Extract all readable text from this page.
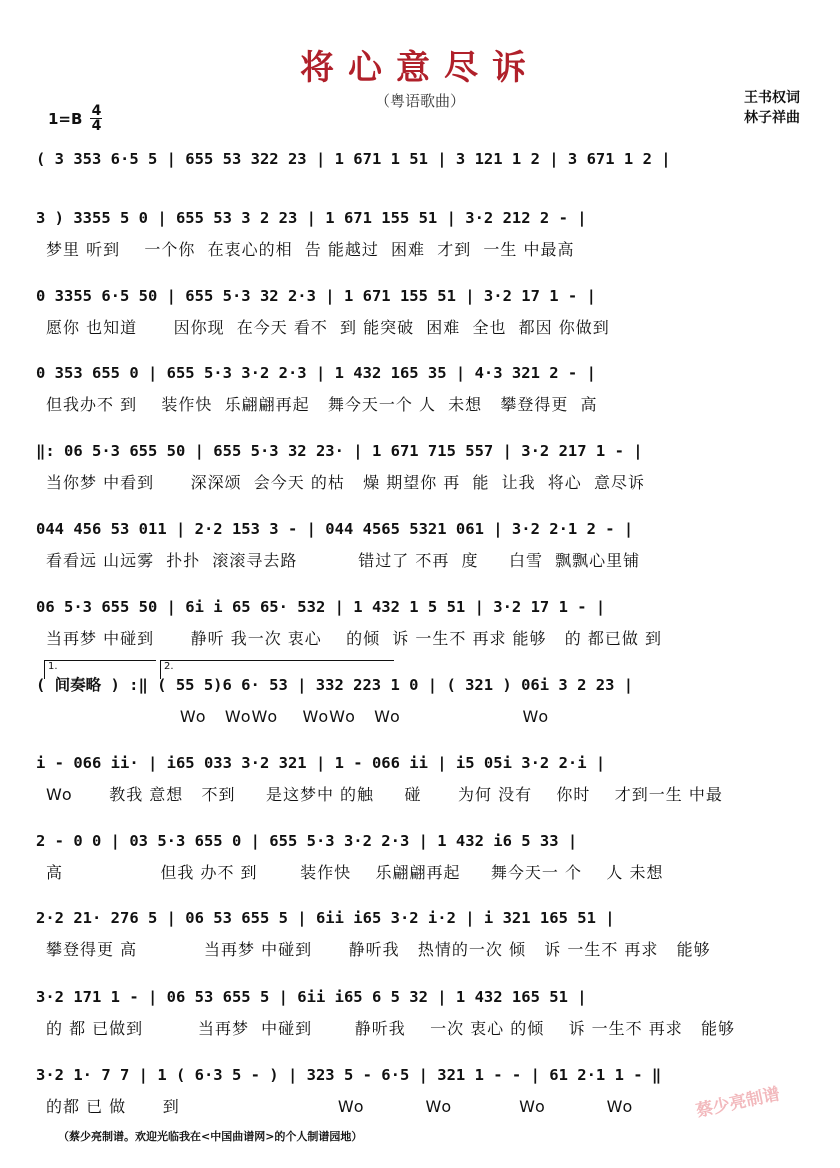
将心意尽诉
（粤语歌曲）
1=B 4
4
王书权词
林子祥曲
( 3 353 6·5 5 | 655 53 322 23 | 1 671 1 51 | 3 121 1 2 | 3 671 1 2 |
3 ) 3355 5 0 | 655 53 3 2 23 | 1 671 155 51 | 3·2 212 2 - |
梦里 听到    一个你  在衷心的相  告 能越过  困难  才到  一生 中最高
0 3355 6·5 50 | 655 5·3 32 2·3 | 1 671 155 51 | 3·2 17 1 - |
愿你 也知道      因你现  在今天 看不  到 能突破  困难  全也  都因 你做到
0 353 655 0 | 655 5·3 3·2 2·3 | 1 432 165 35 | 4·3 321 2 - |
但我办不 到    装作快  乐翩翩再起   舞今天一个 人  未想   攀登得更  高
‖: 06 5·3 655 50 | 655 5·3 32 23· | 1 671 715 557 | 3·2 217 1 - |
当你梦 中看到      深深颂  会今天 的枯   燥 期望你 再  能  让我  将心  意尽诉
044 456 53 011 | 2·2 153 3 - | 044 4565 5321 061 | 3·2 2·1 2 - |
看看远 山远雾  扑扑  滚滚寻去路          错过了 不再  度     白雪  飘飘心里铺
06 5·3 655 50 | 6i i 65 65· 532 | 1 432 1 5 51 | 3·2 17 1 - |
当再梦 中碰到      静听 我一次 衷心    的倾  诉 一生不 再求 能够   的 都已做 到
1.	2.
( 间奏略 ) :‖ ( 55 5)6 6· 53 | 332 223 1 0 | ( 321 ) 06i 3 2 23 |
Wo   WoWo    WoWo   Wo                    Wo
i - 066 ii· | i65 033 3·2 321 | 1 - 066 ii | i5 05i 3·2 2·i |
Wo      教我 意想   不到     是这梦中 的触     碰      为何 没有    你时    才到一生 中最
2 - 0 0 | 03 5·3 655 0 | 655 5·3 3·2 2·3 | 1 432 i6 5 33 |
高                但我 办不 到       装作快    乐翩翩再起     舞今天一 个    人 未想
2·2 21· 276 5 | 06 53 655 5 | 6ii i65 3·2 i·2 | i 321 165 51 |
攀登得更 高           当再梦 中碰到      静听我   热情的一次 倾   诉 一生不 再求   能够
3·2 171 1 - | 06 53 655 5 | 6ii i65 6 5 32 | 1 432 165 51 |
的 都 已做到         当再梦  中碰到       静听我    一次 衷心 的倾    诉 一生不 再求   能够
3·2 1· 7 7 | 1 ( 6·3 5 - ) | 323 5 - 6·5 | 321 1 - - | 61 2·1 1 - ‖
的都 已 做      到                          Wo          Wo           Wo          Wo	蔡少亮制谱
（蔡少亮制谱。欢迎光临我在<中国曲谱网>的个人制谱园地）
